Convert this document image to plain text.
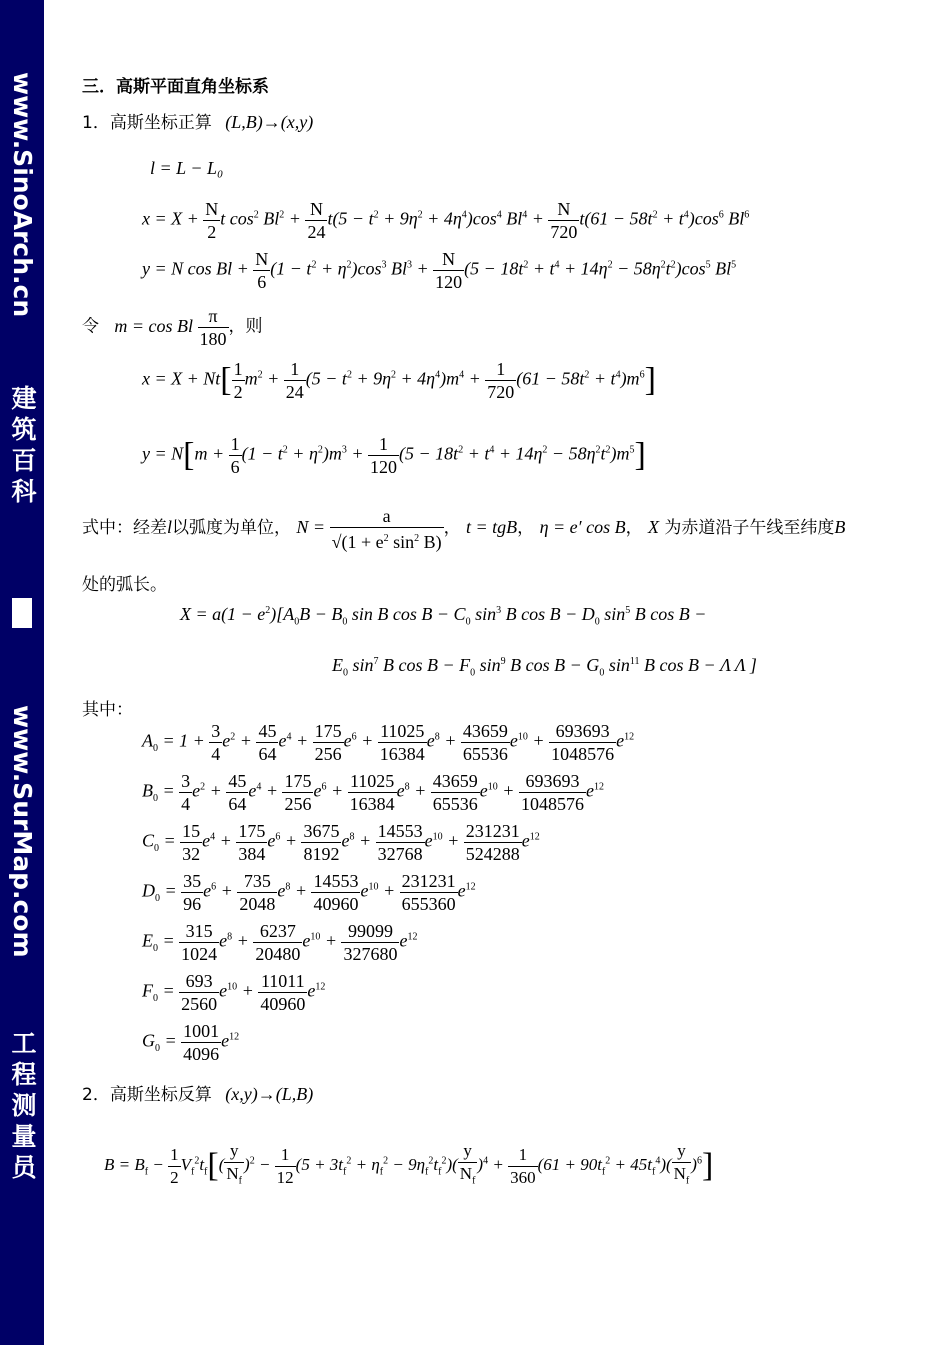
www.SinoArch.cn
建筑百科
www.SurMap.com
工程测量员
三．高斯平面直角坐标系
1．高斯坐标正算 (L,B)→(x,y)
l = L − L₀
$x = X + \frac{N}{2}$ t $\cos^2 Bl^2 + \frac{N}{24} t(5 - t^2 + 9\eta^2 + 4\eta^4)\cos^4$ $Bl^4 + \frac{N}{720} t(61 - 58t^2 + t^4)\cos^6$ Bl$^6$
y = N $\cos Bl + \frac{N}{6} (1 - t^2 + \eta^2)\cos^3$ $Bl^3 + \frac{N}{120} (5 - 18t^2 + t^4 + 14\eta^2 - 58\eta^2t^2)\cos^5$ Bl$^5$
令 m = cos Bl $\frac{\pi}{180}$ ，则
$x = X + Nt[ \frac{1}{2} m^2 + \frac{1}{24} (5 - t^2 + 9\eta^2 + 4\eta^4)m^4 + \frac{1}{720} (61 - 58t^2 + t^4)m^6]$
$y = N[m + \frac{1}{6} (1 - t^2 + \eta^2)m^3 + \frac{1}{120} (5 - 18t^2 + t^4 + 14\eta^2 - 58\eta^2t^2)m^5]$
式中：经差l以弧度为单位， $N = \frac{a}{√(1 + e^2 \sin^2 B)}$ ， t = tgB， η = e′ cos B， X 为赤道沿子午线至纬度B
处的弧长。
$X = a(1 - e^2)[A_0B - B_0$ sin B $\cos B - C_0$ $\sin^3 B$ $\cos B - D_0$ $\sin^5 B$ cos B −
$E_0$ $\sin^7 B$ $\cos B - F_0$ $\sin^9 B$ $\cos B - G_0$ $\sin^{11} B$ cos B − Λ Λ ]
其中：
$A_0 = 1 + \frac{3}{4} e^2 + \frac{45}{64} e^4 + \frac{175}{256} e^6 + \frac{11025}{16384} e^8 + \frac{43659}{65536} e^{10} + \frac{693693}{1048576} e^{12}$
$B_0 = \frac{3}{4} e^2 + \frac{45}{64} e^4 + \frac{175}{256} e^6 + \frac{11025}{16384} e^8 + \frac{43659}{65536} e^{10} + \frac{693693}{1048576} e^{12}$
$C_0 = \frac{15}{32} e^4 + \frac{175}{384} e^6 + \frac{3675}{8192} e^8 + \frac{14553}{32768} e^{10} + \frac{231231}{524288} e^{12}$
$D_0 = \frac{35}{96} e^6 + \frac{735}{2048} e^8 + \frac{14553}{40960} e^{10} + \frac{231231}{655360} e^{12}$
$E_0 = \frac{315}{1024} e^8 + \frac{6237}{20480} e^{10} + \frac{99099}{327680} e^{12}$
$F_0 = \frac{693}{2560} e^{10} + \frac{11011}{40960} e^{12}$
$G_0 = \frac{1001}{4096} e^{12}$
2．高斯坐标反算 (x,y)→(L,B)
$B = B_f - \frac{1}{2} V_f^2t_f[( \frac{y}{N_f} )^2 - \frac{1}{12} (5 + 3t_f^2 + \eta_f^2 - 9\eta_f^2t_f^2)( \frac{y}{N_f} )^4 + \frac{1}{360} (61 + 90t_f^2 + 45t_f^4)( \frac{y}{N_f} )^6]$
